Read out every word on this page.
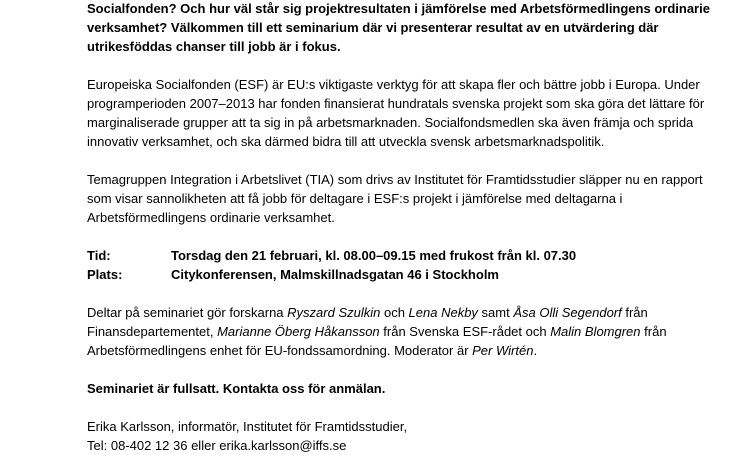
Socialfonden? Och hur väl står sig projektresultaten i jämförelse med Arbetsförmedlingens ordinarie verksamhet? Välkommen till ett seminarium där vi presenterar resultat av en utvärdering där utrikesföddas chanser till jobb är i fokus.

Europeiska Socialfonden (ESF) är EU:s viktigaste verktyg för att skapa fler och bättre jobb i Europa. Under programperioden 2007–2013 har fonden finansierat hundratals svenska projekt som ska göra det lättare för marginaliserade grupper att ta sig in på arbetsmarknaden. Socialfondsmedlen ska även främja och sprida innovativ verksamhet, och ska därmed bidra till att utveckla svensk arbetsmarknadspolitik.

Temagruppen Integration i Arbetslivet (TIA) som drivs av Institutet för Framtidsstudier släpper nu en rapport som visar sannolikheten att få jobb för deltagare i ESF:s projekt i jämförelse med deltagarna i Arbetsförmedlingens ordinarie verksamhet.

Tid:	Torsdag den 21 februari, kl. 08.00–09.15 med frukost från kl. 07.30
Plats:	Citykonferensen, Malmskillnadsgatan 46 i Stockholm

Deltar på seminariet gör forskarna Ryszard Szulkin och Lena Nekby samt Åsa Olli Segendorf från Finansdepartementet, Marianne Öberg Håkansson från Svenska ESF-rådet och Malin Blomgren från Arbetsförmedlingens enhet för EU-fondssamordning. Moderator är Per Wirtén.

Seminariet är fullsatt. Kontakta oss för anmälan.

Erika Karlsson, informatör, Institutet för Framtidsstudier,

Tel: 08-402 12 36 eller erika.karlsson@iffs.se
